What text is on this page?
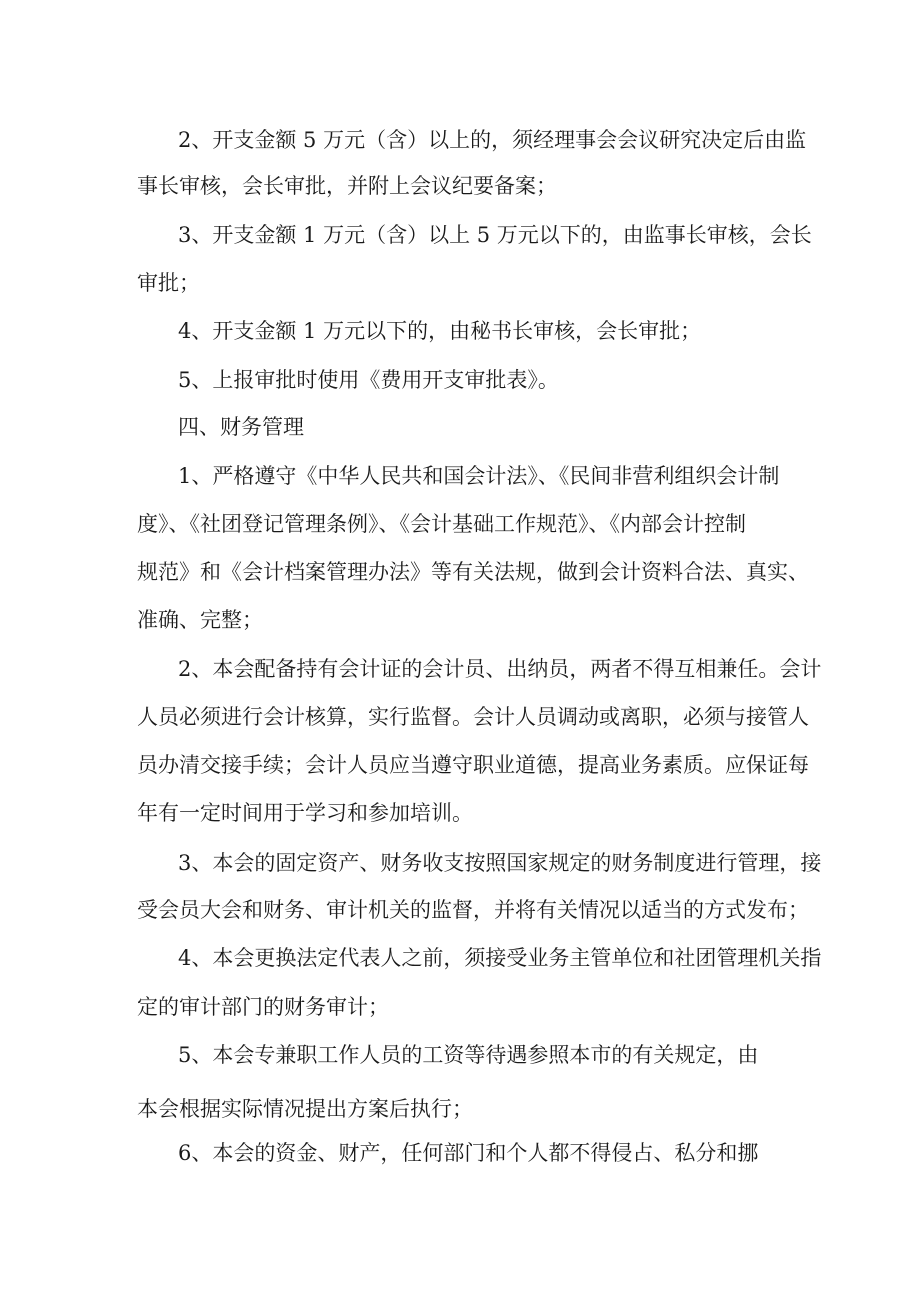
2、开支金额 5 万元（含）以上的，须经理事会会议研究决定后由监
事长审核，会长审批，并附上会议纪要备案；
3、开支金额 1 万元（含）以上 5 万元以下的，由监事长审核，会长
审批；
4、开支金额 1 万元以下的，由秘书长审核，会长审批；
5、上报审批时使用《费用开支审批表》。
四、财务管理
1、严格遵守《中华人民共和国会计法》、《民间非营利组织会计制
度》、《社团登记管理条例》、《会计基础工作规范》、《内部会计控制
规范》和《会计档案管理办法》等有关法规，做到会计资料合法、真实、
准确、完整；
2、本会配备持有会计证的会计员、出纳员，两者不得互相兼任。会计
人员必须进行会计核算，实行监督。会计人员调动或离职，必须与接管人
员办清交接手续；会计人员应当遵守职业道德，提高业务素质。应保证每
年有一定时间用于学习和参加培训。
3、本会的固定资产、财务收支按照国家规定的财务制度进行管理，接
受会员大会和财务、审计机关的监督，并将有关情况以适当的方式发布；
4、本会更换法定代表人之前，须接受业务主管单位和社团管理机关指
定的审计部门的财务审计；
5、本会专兼职工作人员的工资等待遇参照本市的有关规定，由
本会根据实际情况提出方案后执行；
6、本会的资金、财产，任何部门和个人都不得侵占、私分和挪
